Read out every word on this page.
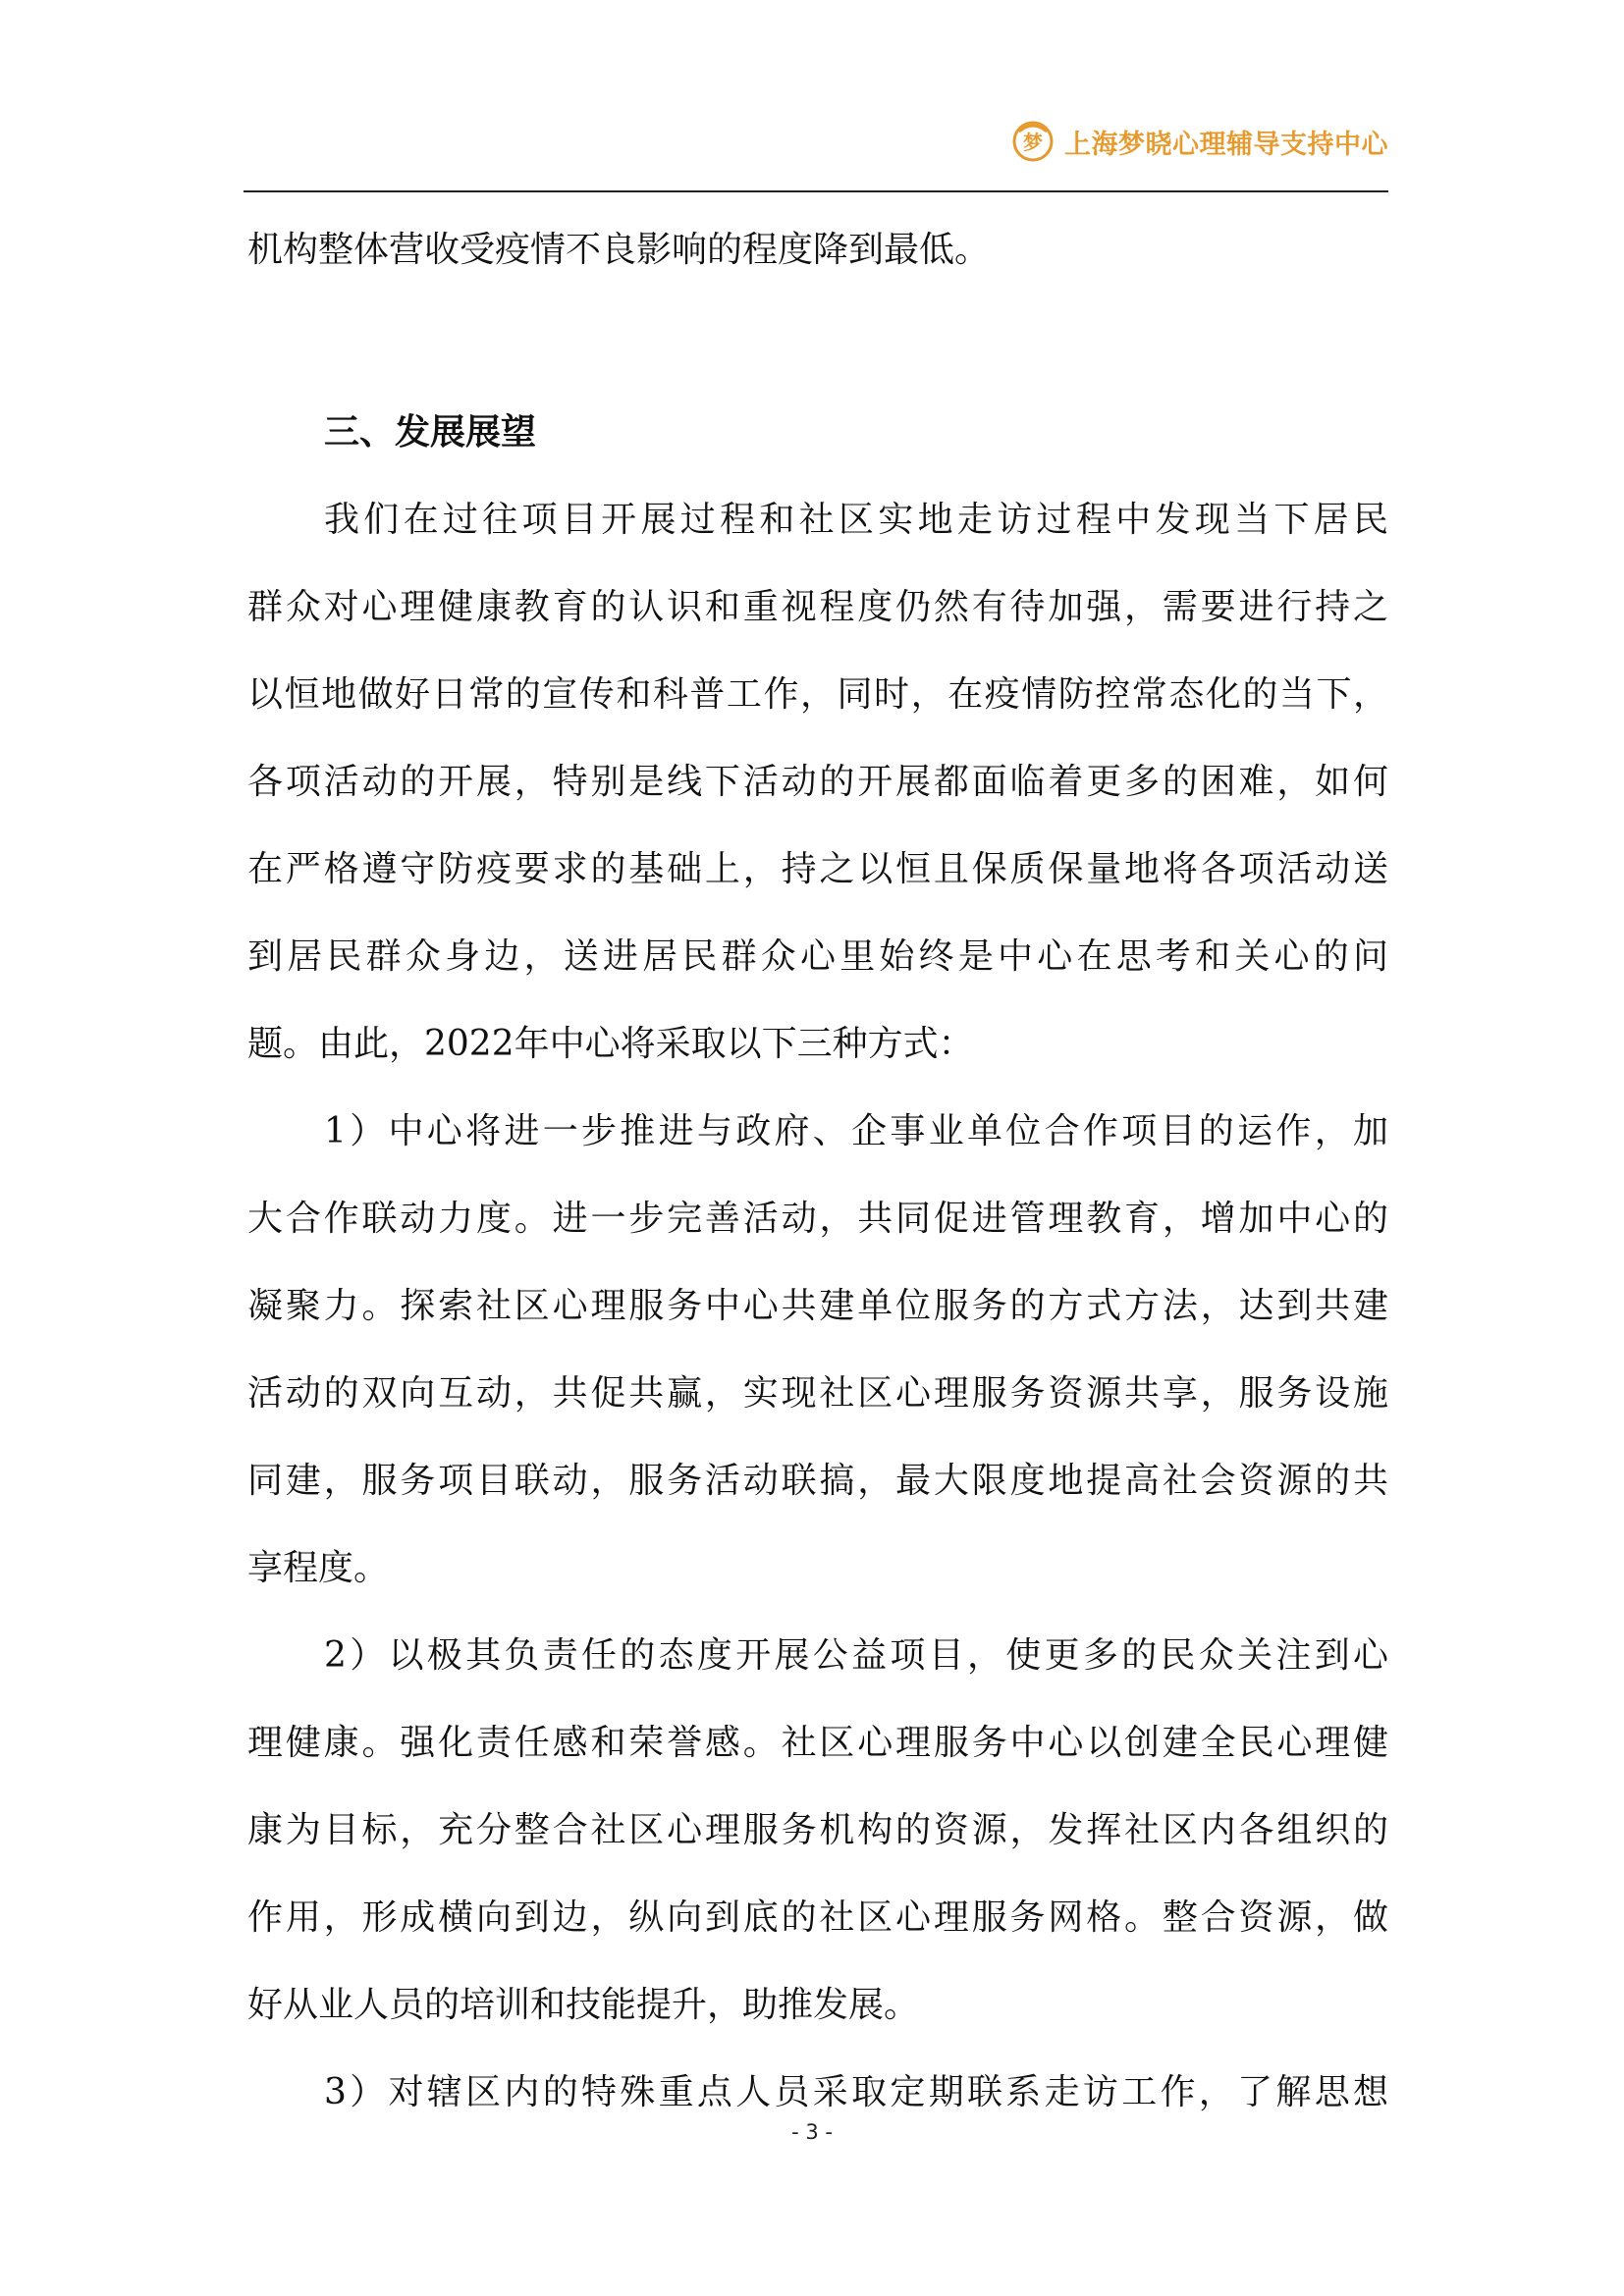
梦 上海梦晓心理辅导支持中心
机构整体营收受疫情不良影响的程度降到最低。
三、发展展望
我们在过往项目开展过程和社区实地走访过程中发现当下居民
群众对心理健康教育的认识和重视程度仍然有待加强，需要进行持之
以恒地做好日常的宣传和科普工作，同时，在疫情防控常态化的当下，
各项活动的开展，特别是线下活动的开展都面临着更多的困难，如何
在严格遵守防疫要求的基础上，持之以恒且保质保量地将各项活动送
到居民群众身边，送进居民群众心里始终是中心在思考和关心的问
题。由此，2022年中心将采取以下三种方式：
1）中心将进一步推进与政府、企事业单位合作项目的运作，加
大合作联动力度。进一步完善活动，共同促进管理教育，增加中心的
凝聚力。探索社区心理服务中心共建单位服务的方式方法，达到共建
活动的双向互动，共促共赢，实现社区心理服务资源共享，服务设施
同建，服务项目联动，服务活动联搞，最大限度地提高社会资源的共
享程度。
2）以极其负责任的态度开展公益项目，使更多的民众关注到心
理健康。强化责任感和荣誉感。社区心理服务中心以创建全民心理健
康为目标，充分整合社区心理服务机构的资源，发挥社区内各组织的
作用，形成横向到边，纵向到底的社区心理服务网格。整合资源，做
好从业人员的培训和技能提升，助推发展。
3）对辖区内的特殊重点人员采取定期联系走访工作，了解思想
- 3 -
